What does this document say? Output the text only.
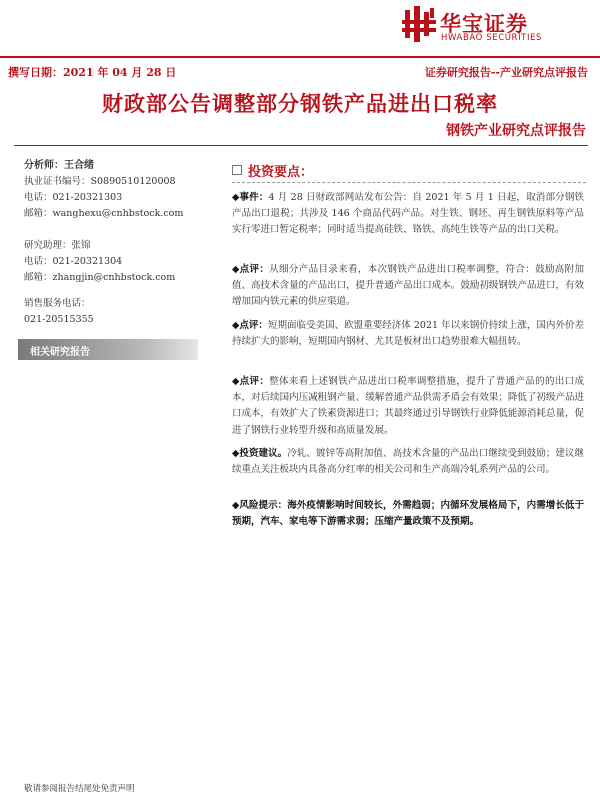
华宝证券
HWABAO SECURITIES
撰写日期：2021 年 04 月 28 日	证券研究报告--产业研究点评报告
财政部公告调整部分钢铁产品进出口税率
钢铁产业研究点评报告
分析师：王合绪
执业证书编号：S0890510120008
电话：021-20321303
邮箱：wanghexu@cnhbstock.com
研究助理：张锦
电话：021-20321304
邮箱：zhangjin@cnhbstock.com
销售服务电话：
021-20515355
相关研究报告
投资要点：
◆事件：4 月 28 日财政部网站发布公告：自 2021 年 5 月 1 日起，取消部分钢铁产品出口退税；共涉及 146 个商品代码产品。对生铁、钢坯、再生钢铁原料等产品实行零进口暂定税率；同时适当提高硅铁、铬铁、高纯生铁等产品的出口关税。
◆点评：从细分产品目录来看，本次钢铁产品进出口税率调整，符合：鼓励高附加值、高技术含量的产品出口，提升普通产品出口成本。鼓励初级钢铁产品进口，有效增加国内铁元素的供应渠道。
◆点评：短期面临受美国、欧盟重要经济体 2021 年以来钢价持续上涨，国内外价差持续扩大的影响，短期国内钢材、尤其是板材出口趋势很难大幅扭转。
◆点评：整体来看上述钢铁产品进出口税率调整措施，提升了普通产品的的出口成本，对后续国内压减粗钢产量、缓解普通产品供需矛盾会有效果；降低了初级产品进口成本，有效扩大了铁素资源进口；其最终通过引导钢铁行业降低能源消耗总量，促进了钢铁行业转型升级和高质量发展。
◆投资建议。冷轧、镀锌等高附加值、高技术含量的产品出口继续受到鼓励；建议继续重点关注板块内具备高分红率的相关公司和生产高端冷轧系列产品的公司。
◆风险提示：海外疫情影响时间较长，外需趋弱；内循环发展格局下，内需增长低于预期，汽车、家电等下游需求弱；压缩产量政策不及预期。
敬请参阅报告结尾处免责声明
